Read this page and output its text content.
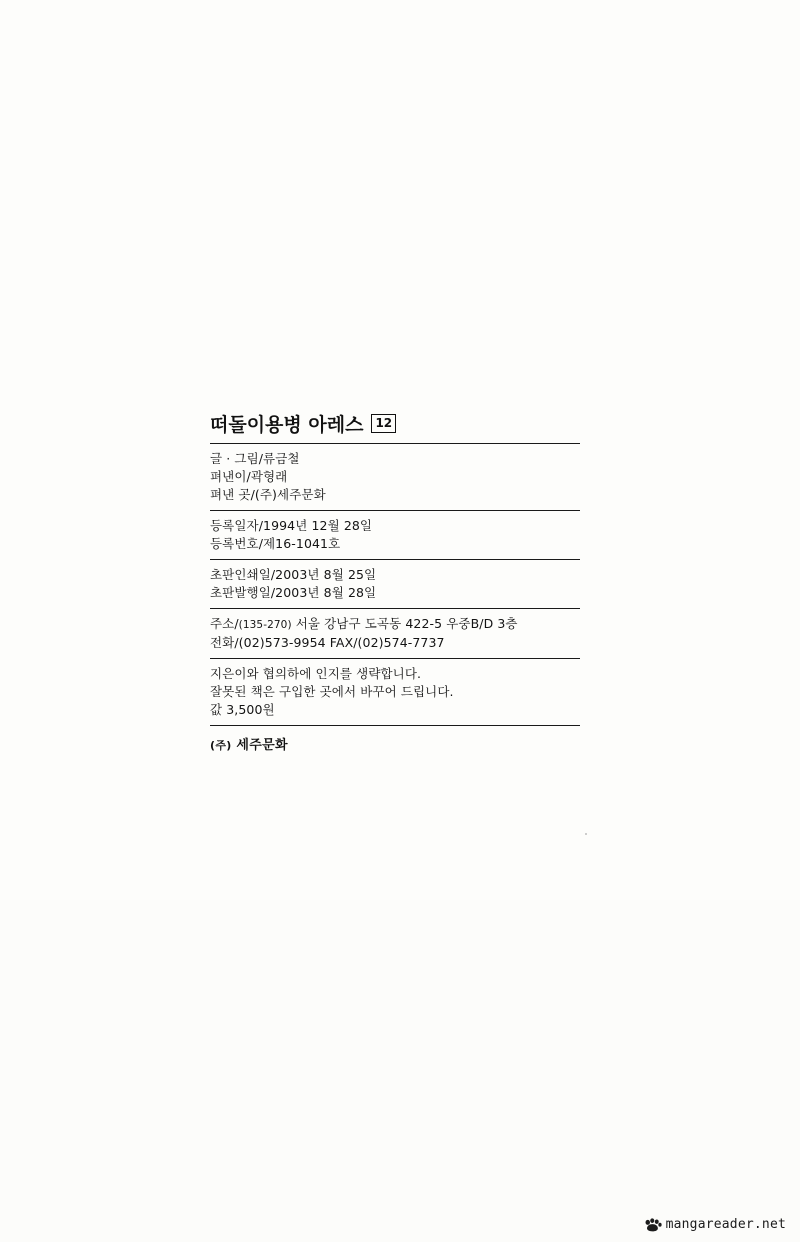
떠돌이용병 아레스	12
글 · 그림/류금철
펴낸이/곽형래
펴낸 곳/(주)세주문화
등록일자/1994년 12월 28일
등록번호/제16-1041호
초판인쇄일/2003년 8월 25일
초판발행일/2003년 8월 28일
주소/(135-270) 서울 강남구 도곡동 422-5 우중B/D 3층
전화/(02)573-9954 FAX/(02)574-7737
지은이와 협의하에 인지를 생략합니다.
잘못된 책은 구입한 곳에서 바꾸어 드립니다.
값 3,500원
(주) 세주문화
mangareader.net
